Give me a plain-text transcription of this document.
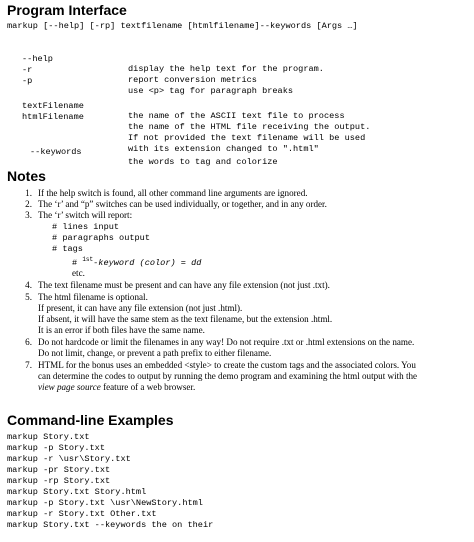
Program Interface
markup [--help] [-rp] textfilename [htmlfilename]--keywords [Args …]

--help

display the help text for the program.

-r

report conversion metrics

-p

use <p> tag for paragraph breaks

textFilename

the name of the ASCII text file to process

htmlFilename

the name of the HTML file receiving the output.

If not provided the text filename will be used

with its extension changed to ".html"

--keywords

the words to tag and colorize

Notes
1. If the help switch is found, all other command line arguments are ignored.
2. The ‘r’ and “p” switches can be used individually, or together, and in any order.
3. The ‘r’ switch will report:
# lines input
# paragraphs output
# tags
# $^{1st}$-keyword (color) = dd
etc.
4. The text filename must be present and can have any file extension (not just .txt).
5. The html filename is optional.
If present, it can have any file extension (not just .html).
If absent, it will have the same stem as the text filename, but the extension .html.
It is an error if both files have the same name.
6. Do not hardcode or limit the filenames in any way! Do not require .txt or .html extensions on the name.
Do not limit, change, or prevent a path prefix to either filename.
7. HTML for the bonus uses an embedded <style> to create the custom tags and the associated colors. You
can determine the codes to output by running the demo program and examining the html output with the
view page source feature of a web browser.
Command-line Examples
markup Story.txt
markup -p Story.txt
markup -r \usr\Story.txt
markup -pr Story.txt
markup -rp Story.txt
markup Story.txt Story.html
markup -p Story.txt \usr\NewStory.html
markup -r Story.txt Other.txt
markup Story.txt --keywords the on their
